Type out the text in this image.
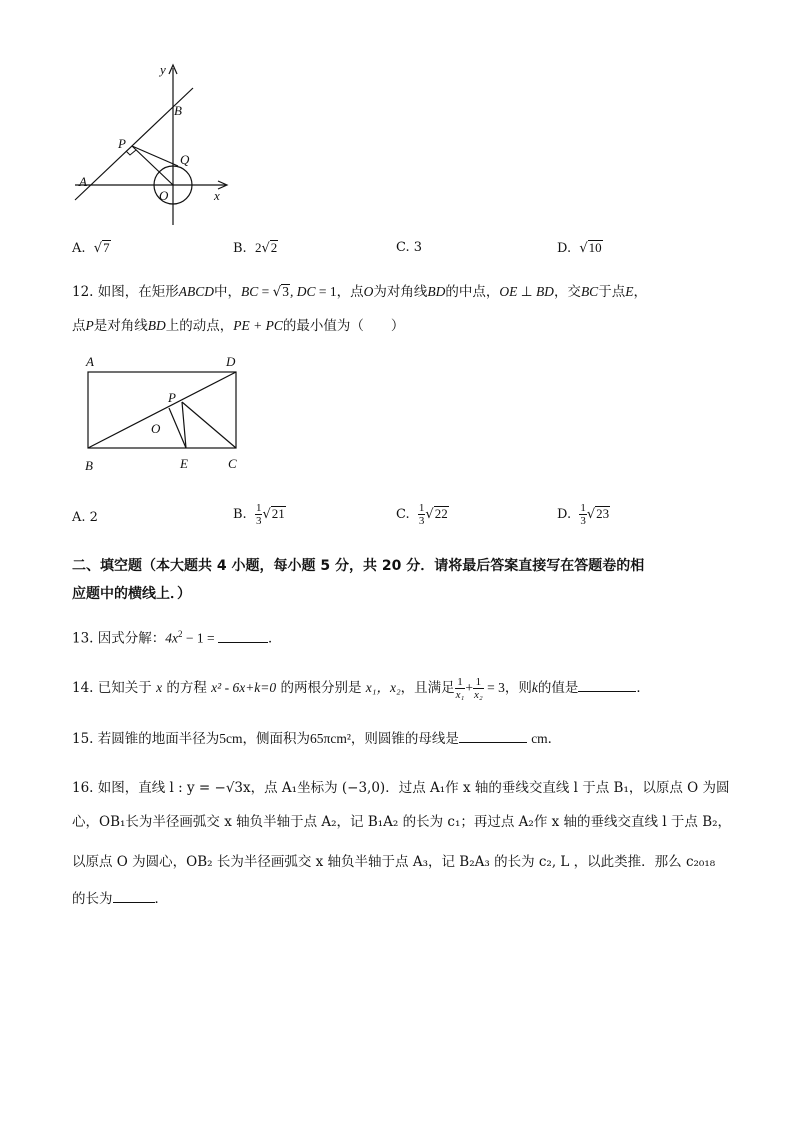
y
B
P
Q
A
O	x
A.  √7	B. 2√2	C. 3	D.  √10
12. 如图，在矩形ABCD中，BC = √3, DC = 1，点O为对角线BD的中点，OE ⊥ BD，交BC于点E，
点P是对角线BD上的动点，PE + PC的最小值为（　　）
A	D
P
O
B	E	C
A. 2	B. $\frac{1}{3} √21$	C. $\frac{1}{3} √22$	D. $\frac{1}{3} √23$
二、填空题（本大题共 4 小题，每小题 5 分，共 20 分．请将最后答案直接写在答题卷的相
应题中的横线上．）
13. 因式分解：$4x^2 - 1$ =	．
14. 已知关于 x 的方程 x² - 6x+k=0 的两根分别是 x₁，x₂，且满足 $\frac{1}{\text{x₁}} + \frac{1}{\text{x₂}} = 3$，则k的值是	．
15. 若圆锥的地面半径为5cm，侧面积为65πcm²，则圆锥的母线是	cm．
16. 如图，直线 l : y = −√3x，点 A₁坐标为 (−3,0)．过点 A₁作 x 轴的垂线交直线 l 于点 B₁，以原点 O 为圆
心，OB₁长为半径画弧交 x 轴负半轴于点 A₂，记 B₁A₂ 的长为 c₁；再过点 A₂作 x 轴的垂线交直线 l 于点 B₂，
以原点 O 为圆心，OB₂ 长为半径画弧交 x 轴负半轴于点 A₃，记 B₂A₃ 的长为 c₂, L ，以此类推．那么 c₂₀₁₈
的长为	．
